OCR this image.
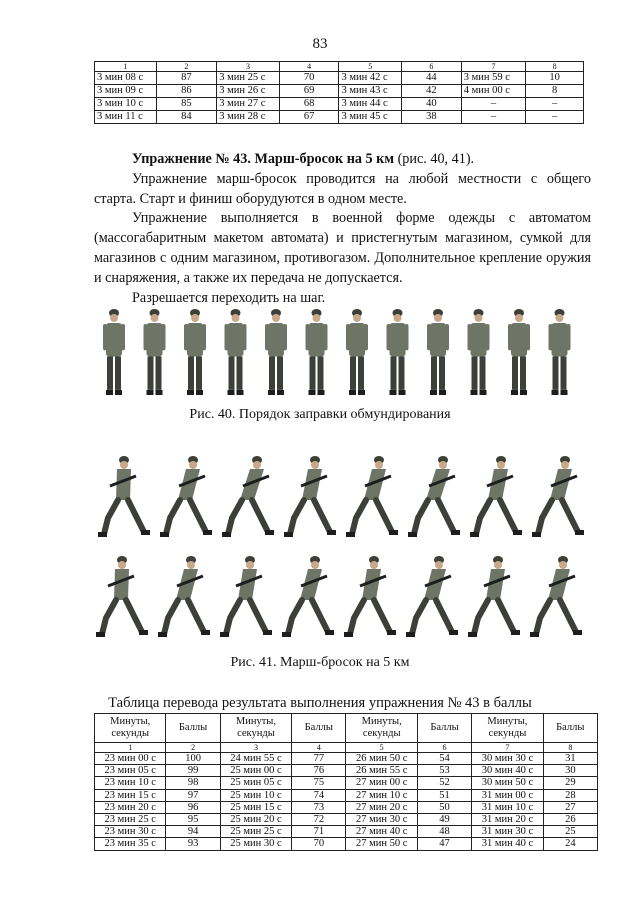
83
1	2	3	4	5	6	7	8
3 мин 08 с	87	3 мин 25 с	70	3 мин 42 с	44	3 мин 59 с	10
3 мин 09 с	86	3 мин 26 с	69	3 мин 43 с	42	4 мин 00 с	8
3 мин 10 с	85	3 мин 27 с	68	3 мин 44 с	40	–	–
3 мин 11 с	84	3 мин 28 с	67	3 мин 45 с	38	–	–

Упражнение № 43. Марш-бросок на 5 км (рис. 40, 41).

Упражнение марш-бросок проводится на любой местности с общего старта. Старт и финиш оборудуются в одном месте.

Упражнение выполняется в военной форме одежды с автоматом (массогабаритным макетом автомата) и пристегнутым магазином, сумкой для магазинов с одним магазином, противогазом. Дополнительное крепление оружия и снаряжения, а также их передача не допускается.

Разрешается переходить на шаг.

Рис. 40. Порядок заправки обмундирования
Рис. 41. Марш-бросок на 5 км
Таблица перевода результата выполнения упражнения № 43 в баллы
Минуты, секунды	Баллы	Минуты, секунды	Баллы	Минуты, секунды	Баллы	Минуты, секунды	Баллы
1	2	3	4	5	6	7	8
23 мин 00 с	100	24 мин 55 с	77	26 мин 50 с	54	30 мин 30 с	31
23 мин 05 с	99	25 мин 00 с	76	26 мин 55 с	53	30 мин 40 с	30
23 мин 10 с	98	25 мин 05 с	75	27 мин 00 с	52	30 мин 50 с	29
23 мин 15 с	97	25 мин 10 с	74	27 мин 10 с	51	31 мин 00 с	28
23 мин 20 с	96	25 мин 15 с	73	27 мин 20 с	50	31 мин 10 с	27
23 мин 25 с	95	25 мин 20 с	72	27 мин 30 с	49	31 мин 20 с	26
23 мин 30 с	94	25 мин 25 с	71	27 мин 40 с	48	31 мин 30 с	25
23 мин 35 с	93	25 мин 30 с	70	27 мин 50 с	47	31 мин 40 с	24
